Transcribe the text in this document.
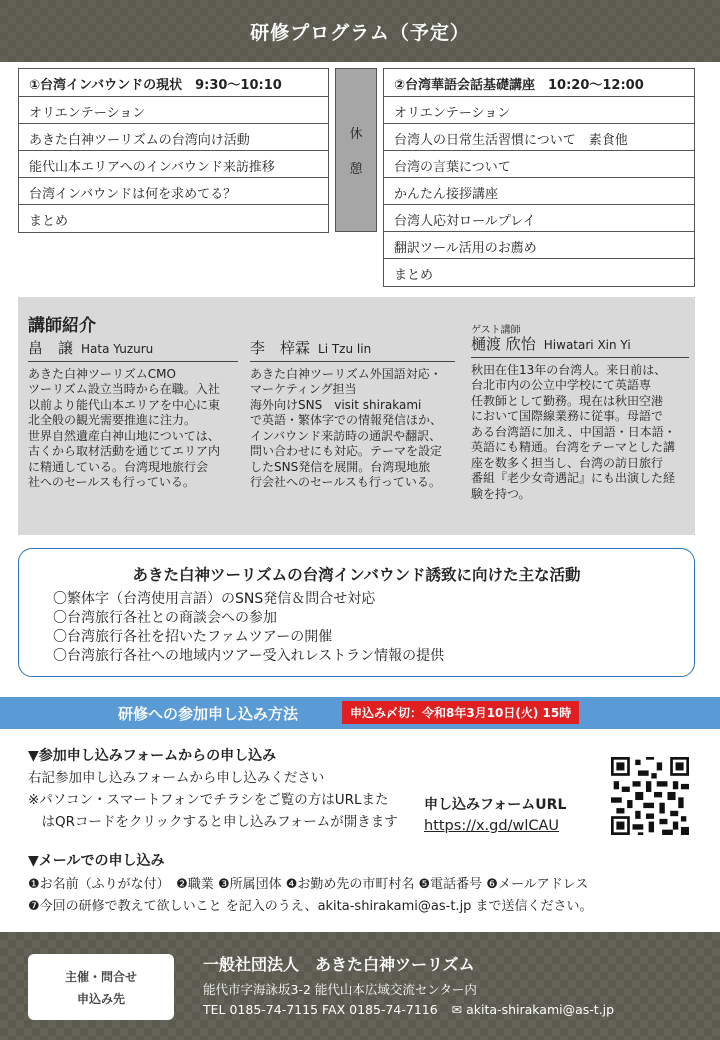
研修プログラム（予定）
①台湾インバウンドの現状　9:30～10:10
オリエンテーション
あきた白神ツーリズムの台湾向け活動
能代山本エリアへのインバウンド来訪推移
台湾インバウンドは何を求めてる？
まとめ
休
憩
②台湾華語会話基礎講座　10:20～12:00
オリエンテーション
台湾人の日常生活習慣について　素食他
台湾の言葉について
かんたん接拶講座
台湾人応対ロールプレイ
翻訳ツール活用のお薦め
まとめ
講師紹介
畠　譲 Hata Yuzuru
あきた白神ツーリズムCMO
ツーリズム設立当時から在職。入社
以前より能代山本エリアを中心に東
北全般の観光需要推進に注力。
世界自然遺産白神山地については、
古くから取材活動を通じてエリア内
に精通している。台湾現地旅行会
社へのセールスも行っている。
李　梓霖 Li Tzu lin
あきた白神ツーリズム外国語対応・
マーケティング担当
海外向けSNS　visit shirakami
で英語・繁体字での情報発信ほか、
インバウンド来訪時の通訳や翻訳、
問い合わせにも対応。テーマを設定
したSNS発信を展開。台湾現地旅
行会社へのセールスも行っている。
ゲスト講師
樋渡 欣怡 Hiwatari Xin Yi
秋田在住13年の台湾人。来日前は、
台北市内の公立中学校にて英語専
任教師として勤務。現在は秋田空港
において国際線業務に従事。母語で
ある台湾語に加え、中国語・日本語・
英語にも精通。台湾をテーマとした講
座を数多く担当し、台湾の訪日旅行
番組『老少女奇遇記』にも出演した経
験を持つ。
あきた白神ツーリズムの台湾インバウンド誘致に向けた主な活動
〇繁体字（台湾使用言語）のSNS発信＆問合せ対応
〇台湾旅行各社との商談会への参加
〇台湾旅行各社を招いたファムツアーの開催
〇台湾旅行各社への地域内ツアー受入れレストラン情報の提供
研修への参加申し込み方法	申込み〆切：令和8年3月10日(火) 15時
▼参加申し込みフォームからの申し込み

右記参加申し込みフォームから申し込みください

※パソコン・スマートフォンでチラシをご覧の方はURLまた

　はQRコードをクリックすると申し込みフォームが開きます

申し込みフォームURL
https://x.gd/wlCAU
▼メールでの申し込み

❶お名前（ふりがな付）　❷職業 ❸所属団体 ❹お勤め先の市町村名 ❺電話番号 ❻メールアドレス

❼今回の研修で教えて欲しいこと を記入のうえ、akita-shirakami@as-t.jp まで送信ください。

主催・問合せ
申込み先
一般社団法人　あきた白神ツーリズム
能代市字海詠坂3-2 能代山本広域交流センター内
TEL 0185-74-7115 FAX 0185-74-7116 ✉ akita-shirakami@as-t.jp
